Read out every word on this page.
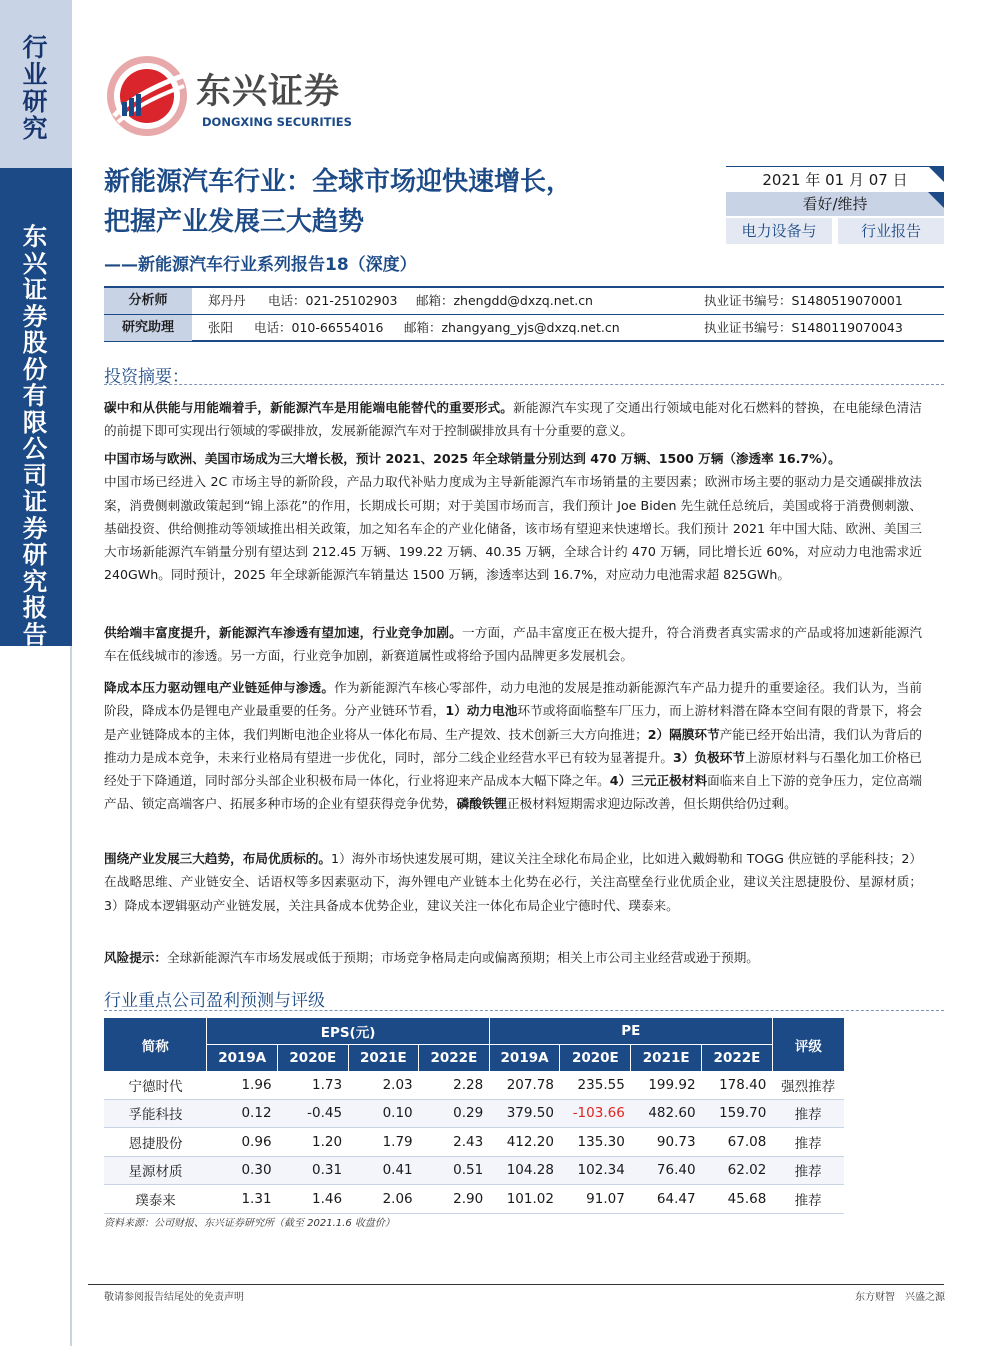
行业研究
东兴证券股份有限公司证券研究报告
东兴证券
DONGXING SECURITIES
新能源汽车行业：全球市场迎快速增长，
把握产业发展三大趋势
——新能源汽车行业系列报告18（深度）
2021 年 01 月 07 日
看好/维持
电力设备与	行业报告
分析师	郑丹丹 电话：021-25102903 邮箱：zhengdd@dxzq.net.cn	执业证书编号：S1480519070001
研究助理	张阳 电话：010-66554016 邮箱：zhangyang_yjs@dxzq.net.cn	执业证书编号：S1480119070043
投资摘要：
碳中和从供能与用能端着手，新能源汽车是用能端电能替代的重要形式。新能源汽车实现了交通出行领域电能对化石燃料的替换，在电能绿色清洁的前提下即可实现出行领域的零碳排放，发展新能源汽车对于控制碳排放具有十分重要的意义。
中国市场与欧洲、美国市场成为三大增长极，预计 2021、2025 年全球销量分别达到 470 万辆、1500 万辆（渗透率 16.7%）。
中国市场已经进入 2C 市场主导的新阶段，产品力取代补贴力度成为主导新能源汽车市场销量的主要因素；欧洲市场主要的驱动力是交通碳排放法案，消费侧刺激政策起到“锦上添花”的作用，长期成长可期；对于美国市场而言，我们预计 Joe Biden 先生就任总统后，美国或将于消费侧刺激、基础投资、供给侧推动等领域推出相关政策，加之知名车企的产业化储备，该市场有望迎来快速增长。我们预计 2021 年中国大陆、欧洲、美国三大市场新能源汽车销量分别有望达到 212.45 万辆、199.22 万辆、40.35 万辆，全球合计约 470 万辆，同比增长近 60%，对应动力电池需求近 240GWh。同时预计，2025 年全球新能源汽车销量达 1500 万辆，渗透率达到 16.7%，对应动力电池需求超 825GWh。
供给端丰富度提升，新能源汽车渗透有望加速，行业竞争加剧。一方面，产品丰富度正在极大提升，符合消费者真实需求的产品或将加速新能源汽车在低线城市的渗透。另一方面，行业竞争加剧，新赛道属性或将给予国内品牌更多发展机会。
降成本压力驱动锂电产业链延伸与渗透。作为新能源汽车核心零部件，动力电池的发展是推动新能源汽车产品力提升的重要途径。我们认为，当前阶段，降成本仍是锂电产业最重要的任务。分产业链环节看，1）动力电池环节或将面临整车厂压力，而上游材料潜在降本空间有限的背景下，将会是产业链降成本的主体，我们判断电池企业将从一体化布局、生产提效、技术创新三大方向推进；2）隔膜环节产能已经开始出清，我们认为背后的推动力是成本竞争，未来行业格局有望进一步优化，同时，部分二线企业经营水平已有较为显著提升。3）负极环节上游原材料与石墨化加工价格已经处于下降通道，同时部分头部企业积极布局一体化，行业将迎来产品成本大幅下降之年。4）三元正极材料面临来自上下游的竞争压力，定位高端产品、锁定高端客户、拓展多种市场的企业有望获得竞争优势，磷酸铁锂正极材料短期需求迎边际改善，但长期供给仍过剩。
围绕产业发展三大趋势，布局优质标的。1）海外市场快速发展可期，建议关注全球化布局企业，比如进入戴姆勒和 TOGG 供应链的孚能科技；2）在战略思维、产业链安全、话语权等多因素驱动下，海外锂电产业链本土化势在必行，关注高壁垒行业优质企业，建议关注恩捷股份、星源材质；3）降成本逻辑驱动产业链发展，关注具备成本优势企业，建议关注一体化布局企业宁德时代、璞泰来。
风险提示：全球新能源汽车市场发展或低于预期；市场竞争格局走向或偏离预期；相关上市公司主业经营或逊于预期。
行业重点公司盈利预测与评级
简称	EPS(元)				PE				评级
	2019A	2020E	2021E	2022E	2019A	2020E	2021E	2022E	
宁德时代	1.96	1.73	2.03	2.28	207.78	235.55	199.92	178.40	强烈推荐
孚能科技	0.12	-0.45	0.10	0.29	379.50	-103.66	482.60	159.70	推荐
恩捷股份	0.96	1.20	1.79	2.43	412.20	135.30	90.73	67.08	推荐
星源材质	0.30	0.31	0.41	0.51	104.28	102.34	76.40	62.02	推荐
璞泰来	1.31	1.46	2.06	2.90	101.02	91.07	64.47	45.68	推荐
资料来源：公司财报、东兴证券研究所（截至 2021.1.6 收盘价）
敬请参阅报告结尾处的免责声明	东方财智　兴盛之源
